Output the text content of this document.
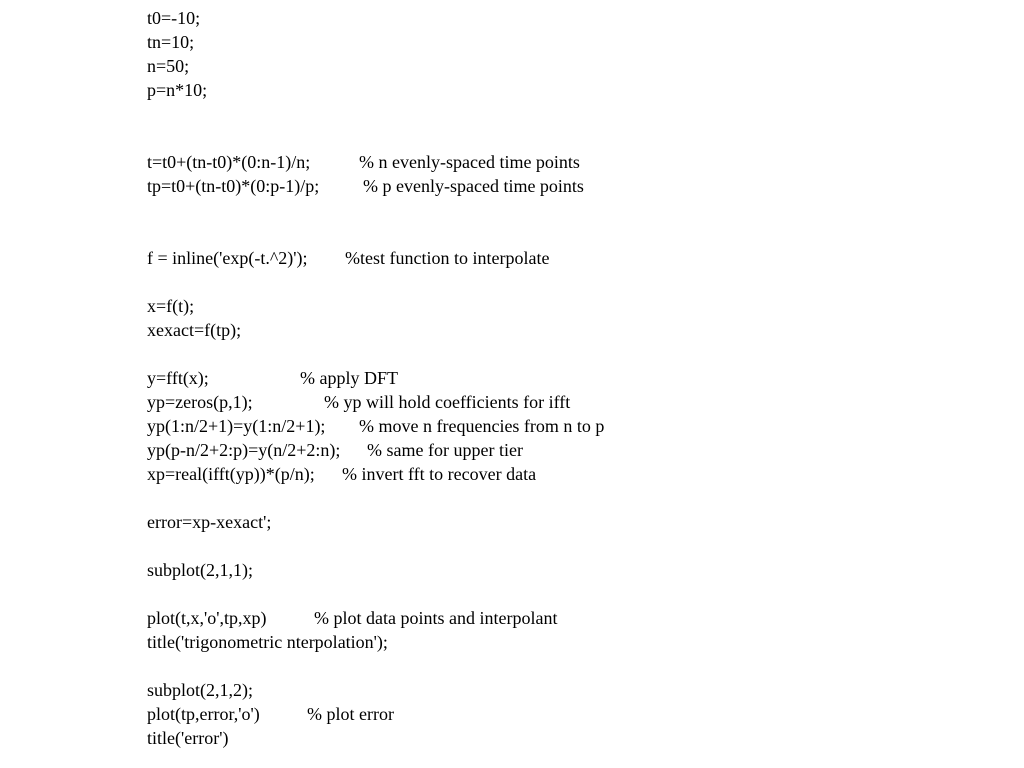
t0=-10;
tn=10;
n=50;
p=n*10;
t=t0+(tn-t0)*(0:n-1)/n;	% n evenly-spaced time points
tp=t0+(tn-t0)*(0:p-1)/p;	% p evenly-spaced time points
f = inline('exp(-t.^2)');	%test function to interpolate
x=f(t);
xexact=f(tp);
y=fft(x);	% apply DFT
yp=zeros(p,1);	% yp will hold coefficients for ifft
yp(1:n/2+1)=y(1:n/2+1);	% move n frequencies from n to p
yp(p-n/2+2:p)=y(n/2+2:n);	% same for upper tier
xp=real(ifft(yp))*(p/n);	% invert fft to recover data
error=xp-xexact';
subplot(2,1,1);
plot(t,x,'o',tp,xp)	% plot data points and interpolant
title('trigonometric nterpolation');
subplot(2,1,2);
plot(tp,error,'o')	% plot error
title('error')
